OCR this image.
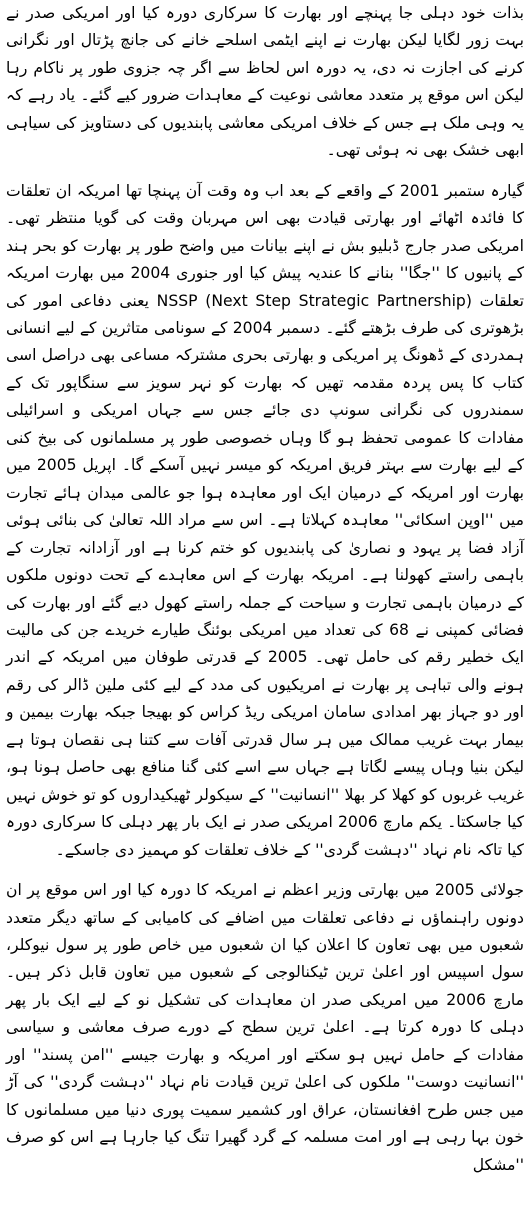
بذات خود دہلی جا پہنچے اور بھارت کا سرکاری دورہ کیا اور امریکی صدر نے بہت زور لگایا لیکن بھارت نے اپنے ایٹمی اسلحے خانے کی جانچ پڑتال اور نگرانی کرنے کی اجازت نہ دی، یہ دورہ اس لحاظ سے اگر چہ جزوی طور پر ناکام رہا لیکن اس موقع پر متعدد معاشی نوعیت کے معاہدات ضرور کیے گئے۔ یاد رہے کہ یہ وہی ملک ہے جس کے خلاف امریکی معاشی پابندیوں کی دستاویز کی سیاہی ابھی خشک بھی نہ ہوئی تھی۔

گیارہ ستمبر 2001 کے واقعے کے بعد اب وہ وقت آن پہنچا تھا امریکہ ان تعلقات کا فائدہ اٹھائے اور بھارتی قیادت بھی اس مہربان وقت کی گویا منتظر تھی۔ امریکی صدر جارج ڈبلیو بش نے اپنے بیانات میں واضح طور پر بھارت کو بحر ہند کے پانیوں کا ''جگا'' بنانے کا عندیہ پیش کیا اور جنوری 2004 میں بھارت امریکہ تعلقات NSSP (Next Step Strategic Partnership) یعنی دفاعی امور کی بڑھوتری کی طرف بڑھتے گئے۔ دسمبر 2004 کے سونامی متاثرین کے لیے انسانی ہمدردی کے ڈھونگ پر امریکی و بھارتی بحری مشترکہ مساعی بھی دراصل اسی کتاب کا پس پردہ مقدمہ تھیں کہ بھارت کو نہر سویز سے سنگاپور تک کے سمندروں کی نگرانی سونپ دی جائے جس سے جہاں امریکی و اسرائیلی مفادات کا عمومی تحفظ ہو گا وہاں خصوصی طور پر مسلمانوں کی بیخ کنی کے لیے بھارت سے بہتر فریق امریکہ کو میسر نہیں آسکے گا۔ اپریل 2005 میں بھارت اور امریکہ کے درمیان ایک اور معاہدہ ہوا جو عالمی میدان ہائے تجارت میں ''اوپن اسکائی'' معاہدہ کہلاتا ہے۔ اس سے مراد اللہ تعالیٰ کی بنائی ہوئی آزاد فضا پر یہود و نصاریٰ کی پابندیوں کو ختم کرنا ہے اور آزادانہ تجارت کے باہمی راستے کھولنا ہے۔ امریکہ بھارت کے اس معاہدے کے تحت دونوں ملکوں کے درمیان باہمی تجارت و سیاحت کے جملہ راستے کھول دیے گئے اور بھارت کی فضائی کمپنی نے 68 کی تعداد میں امریکی بوئنگ طیارے خریدے جن کی مالیت ایک خطیر رقم کی حامل تھی۔ 2005 کے قدرتی طوفان میں امریکہ کے اندر ہونے والی تباہی پر بھارت نے امریکیوں کی مدد کے لیے کئی ملین ڈالر کی رقم اور دو جہاز بھر امدادی سامان امریکی ریڈ کراس کو بھیجا جبکہ بھارت بیمین و بیمار بہت غریب ممالک میں ہر سال قدرتی آفات سے کتنا ہی نقصان ہوتا ہے لیکن بنیا وہاں پیسے لگاتا ہے جہاں سے اسے کئی گنا منافع بھی حاصل ہونا ہو، غریب غربوں کو کھلا کر بھلا ''انسانیت'' کے سیکولر ٹھیکیداروں کو تو خوش نہیں کیا جاسکتا۔ یکم مارچ 2006 امریکی صدر نے ایک بار پھر دہلی کا سرکاری دورہ کیا تاکہ نام نہاد ''دہشت گردی'' کے خلاف تعلقات کو مہمیز دی جاسکے۔

جولائی 2005 میں بھارتی وزیر اعظم نے امریکہ کا دورہ کیا اور اس موقع پر ان دونوں راہنماؤں نے دفاعی تعلقات میں اضافے کی کامیابی کے ساتھ دیگر متعدد شعبوں میں بھی تعاون کا اعلان کیا ان شعبوں میں خاص طور پر سول نیوکلر، سول اسپیس اور اعلیٰ ترین ٹیکنالوجی کے شعبوں میں تعاون قابل ذکر ہیں۔ مارچ 2006 میں امریکی صدر ان معاہدات کی تشکیل نو کے لیے ایک بار پھر دہلی کا دورہ کرتا ہے۔ اعلیٰ ترین سطح کے دورے صرف معاشی و سیاسی مفادات کے حامل نہیں ہو سکتے اور امریکہ و بھارت جیسے ''امن پسند'' اور ''انسانیت دوست'' ملکوں کی اعلیٰ ترین قیادت نام نہاد ''دہشت گردی'' کی آڑ میں جس طرح افغانستان، عراق اور کشمیر سمیت پوری دنیا میں مسلمانوں کا خون بہا رہی ہے اور امت مسلمہ کے گرد گھیرا تنگ کیا جارہا ہے اس کو صرف ''مشکل
